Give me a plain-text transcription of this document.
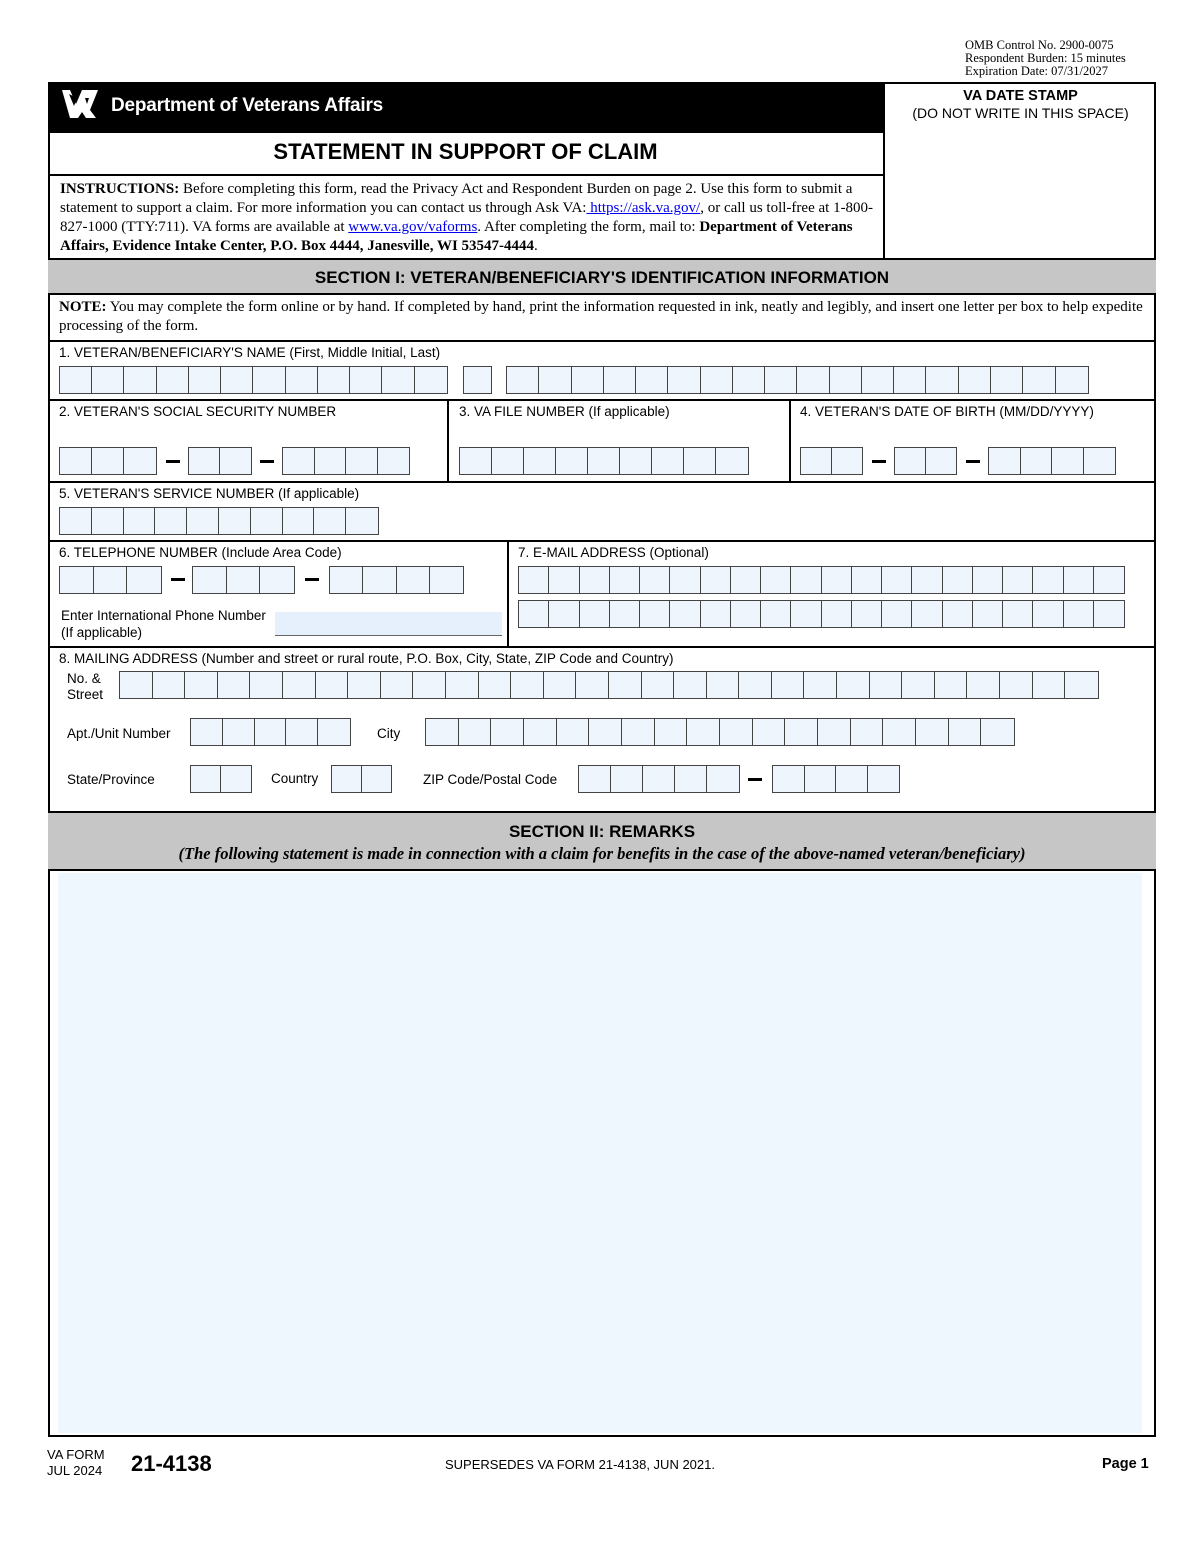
OMB Control No. 2900-0075
Respondent Burden: 15 minutes
Expiration Date: 07/31/2027
Department of Veterans Affairs	VA DATE STAMP
(DO NOT WRITE IN THIS SPACE)
STATEMENT IN SUPPORT OF CLAIM
INSTRUCTIONS: Before completing this form, read the Privacy Act and Respondent Burden on page 2. Use this form to submit a statement to support a claim. For more information you can contact us through Ask VA: https://ask.va.gov/, or call us toll-free at 1-800-827-1000 (TTY:711). VA forms are available at www.va.gov/vaforms. After completing the form, mail to: Department of Veterans Affairs, Evidence Intake Center, P.O. Box 4444, Janesville, WI 53547-4444.
SECTION I: VETERAN/BENEFICIARY'S IDENTIFICATION INFORMATION
NOTE: You may complete the form online or by hand. If completed by hand, print the information requested in ink, neatly and legibly, and insert one letter per box to help expedite processing of the form.
1. VETERAN/BENEFICIARY'S NAME (First, Middle Initial, Last)
2. VETERAN'S SOCIAL SECURITY NUMBER	3. VA FILE NUMBER (If applicable)	4. VETERAN'S DATE OF BIRTH (MM/DD/YYYY)
5. VETERAN'S SERVICE NUMBER (If applicable)
6. TELEPHONE NUMBER (Include Area Code)
Enter International Phone Number
(If applicable)
7. E-MAIL ADDRESS (Optional)
8. MAILING ADDRESS (Number and street or rural route, P.O. Box, City, State, ZIP Code and Country)
No. &
Street
Apt./Unit Number	City
State/Province	Country	ZIP Code/Postal Code
SECTION II: REMARKS
(The following statement is made in connection with a claim for benefits in the case of the above-named veteran/beneficiary)
VA FORM
JUL 2024 21-4138	SUPERSEDES VA FORM 21-4138, JUN 2021.	Page 1
